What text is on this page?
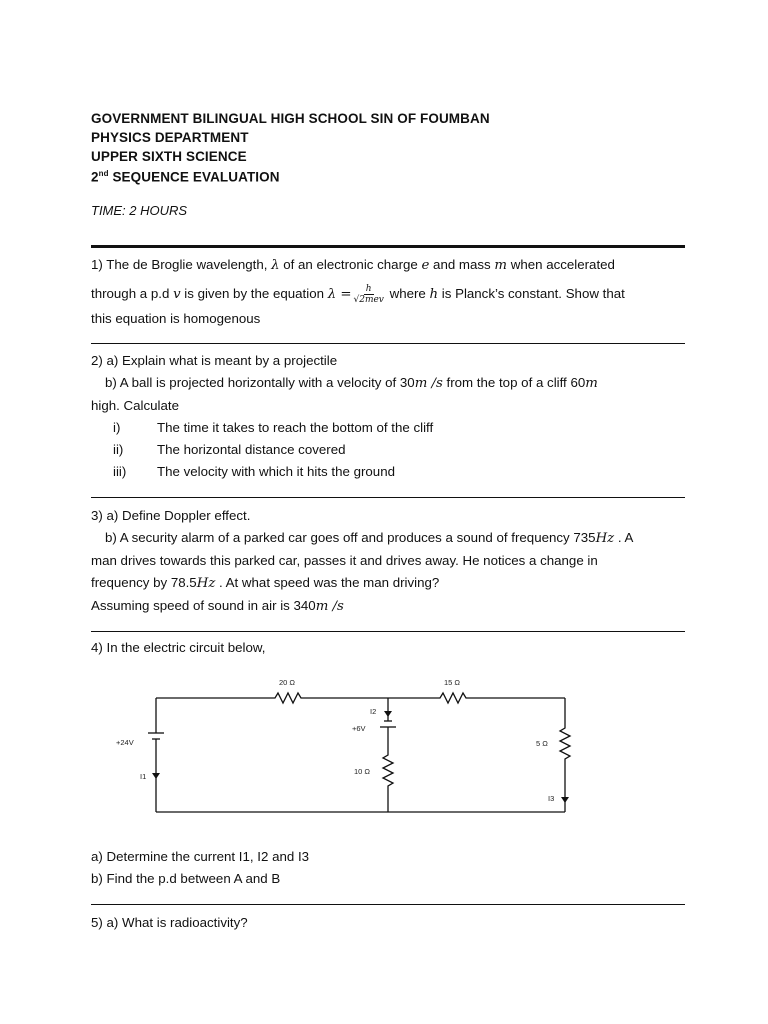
GOVERNMENT BILINGUAL HIGH SCHOOL SIN OF FOUMBAN
PHYSICS DEPARTMENT
UPPER SIXTH SCIENCE
2nd SEQUENCE EVALUATION
TIME: 2 HOURS

1) The de Broglie wavelength, λ of an electronic charge e and mass m when accelerated

through a p.d v is given by the equation $\lambda = \frac{h}{\text{√2mev}}$ where h is Planck’s constant. Show that

this equation is homogenous

2) a) Explain what is meant by a projectile

b) A ball is projected horizontally with a velocity of 30m /s from the top of a cliff 60m

high. Calculate

i)	The time it takes to reach the bottom of the cliff
ii)	The horizontal distance covered
iii)	The velocity with which it hits the ground

3) a) Define Doppler effect.

b) A security alarm of a parked car goes off and produces a sound of frequency 735Hz . A

man drives towards this parked car, passes it and drives away. He notices a change in

frequency by 78.5Hz . At what speed was the man driving?

Assuming speed of sound in air is 340m /s

4) In the electric circuit below,

20 Ω	15 Ω
10 Ω
5 Ω
+24V
+6V
I1
I2
I3

a) Determine the current I1, I2 and I3

b) Find the p.d between A and B

5) a) What is radioactivity?
